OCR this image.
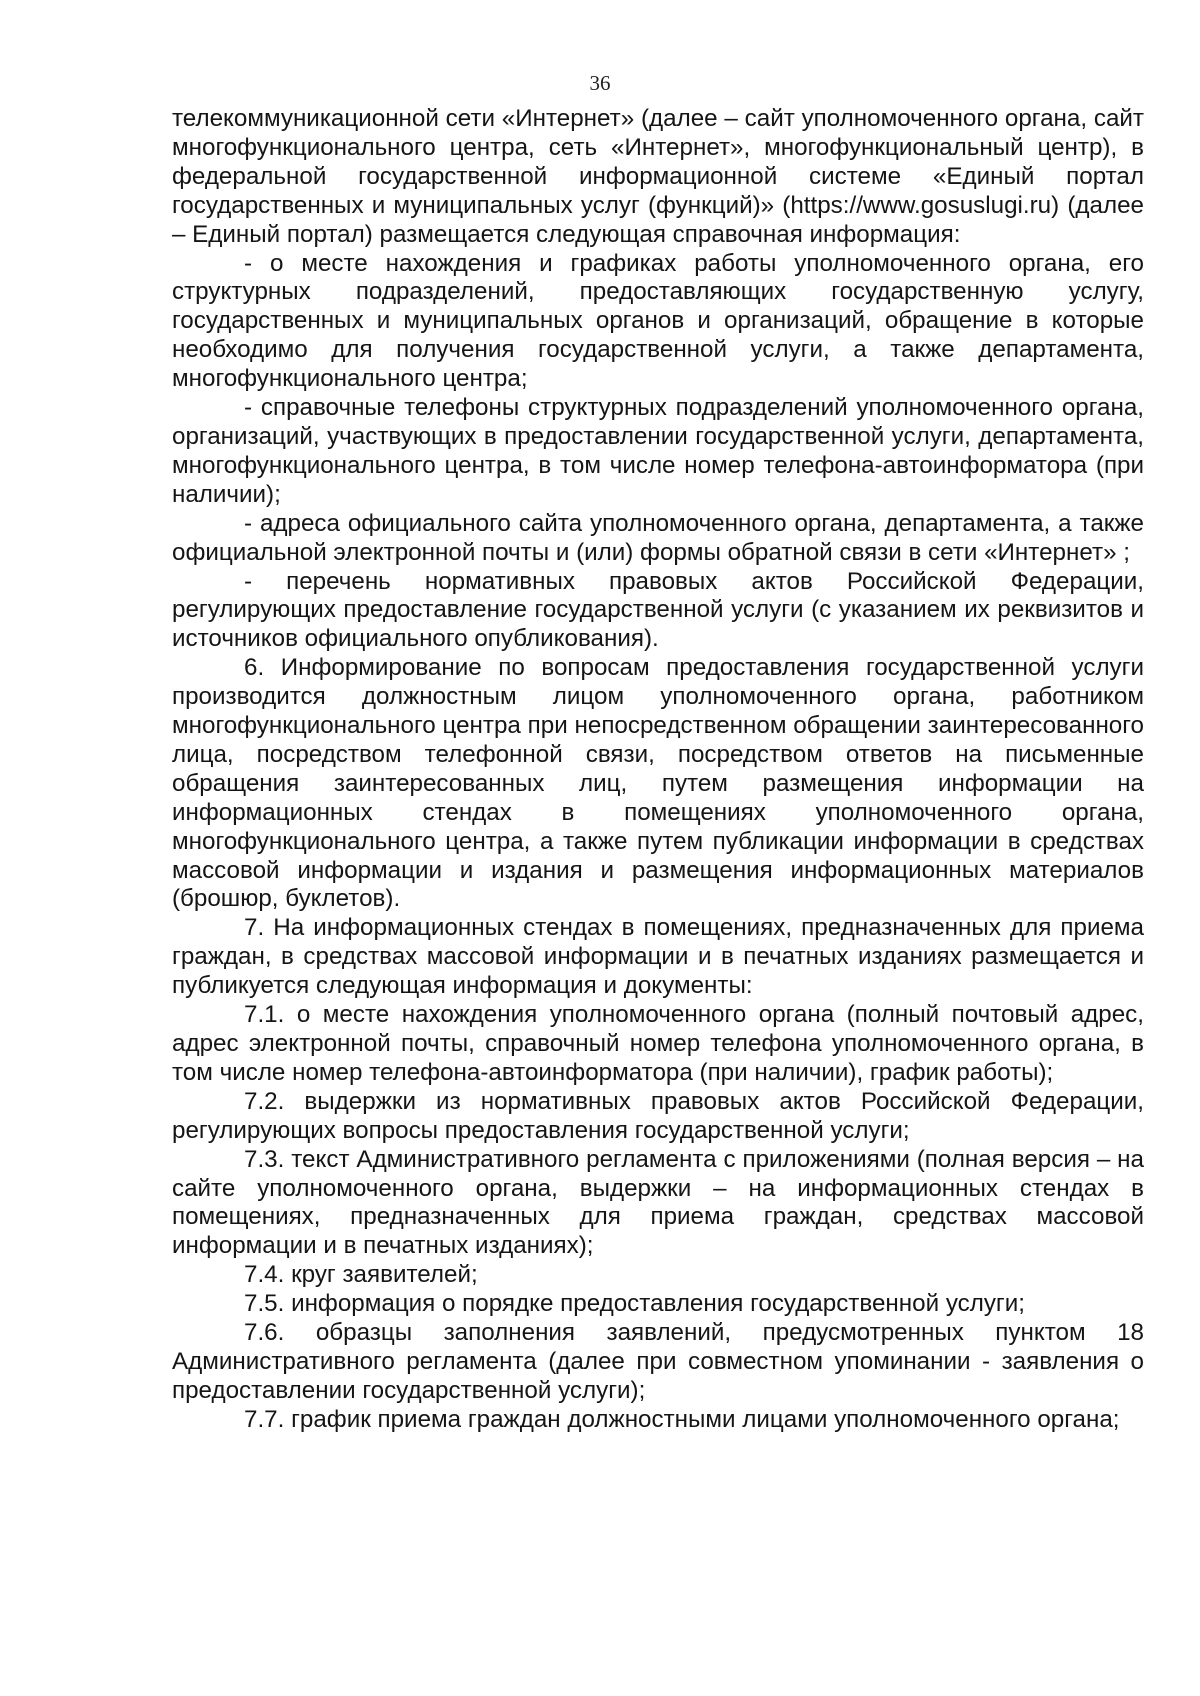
36

телекоммуникационной сети «Интернет» (далее – сайт уполномоченного органа, сайт многофункционального центра, сеть «Интернет», многофункциональный центр), в федеральной государственной информационной системе «Единый портал государственных и муниципальных услуг (функций)» (https://www.gosuslugi.ru) (далее – Единый портал) размещается следующая справочная информация:

- о месте нахождения и графиках работы уполномоченного органа, его структурных подразделений, предоставляющих государственную услугу, государственных и муниципальных органов и организаций, обращение в которые необходимо для получения государственной услуги, а также департамента, многофункционального центра;

- справочные телефоны структурных подразделений уполномоченного органа, организаций, участвующих в предоставлении государственной услуги, департамента, многофункционального центра, в том числе номер телефона-автоинформатора (при наличии);

- адреса официального сайта уполномоченного органа, департамента, а также официальной электронной почты и (или) формы обратной связи в сети «Интернет» ;

- перечень нормативных правовых актов Российской Федерации, регулирующих предоставление государственной услуги (с указанием их реквизитов и источников официального опубликования).

6. Информирование по вопросам предоставления государственной услуги производится должностным лицом уполномоченного органа, работником многофункционального центра при непосредственном обращении заинтересованного лица, посредством телефонной связи, посредством ответов на письменные обращения заинтересованных лиц, путем размещения информации на информационных стендах в помещениях уполномоченного органа, многофункционального центра, а также путем публикации информации в средствах массовой информации и издания и размещения информационных материалов (брошюр, буклетов).

7. На информационных стендах в помещениях, предназначенных для приема граждан, в средствах массовой информации и в печатных изданиях размещается и публикуется следующая информация и документы:

7.1. о месте нахождения уполномоченного органа (полный почтовый адрес, адрес электронной почты, справочный номер телефона уполномоченного органа, в том числе номер телефона-автоинформатора (при наличии), график работы);

7.2. выдержки из нормативных правовых актов Российской Федерации, регулирующих вопросы предоставления государственной услуги;

7.3. текст Административного регламента с приложениями (полная версия – на сайте уполномоченного органа, выдержки – на информационных стендах в помещениях, предназначенных для приема граждан, средствах массовой информации и в печатных изданиях);

7.4. круг заявителей;

7.5. информация о порядке предоставления государственной услуги;

7.6. образцы заполнения заявлений, предусмотренных пунктом 18 Административного регламента (далее при совместном упоминании - заявления о предоставлении государственной услуги);

7.7. график приема граждан должностными лицами уполномоченного органа;
